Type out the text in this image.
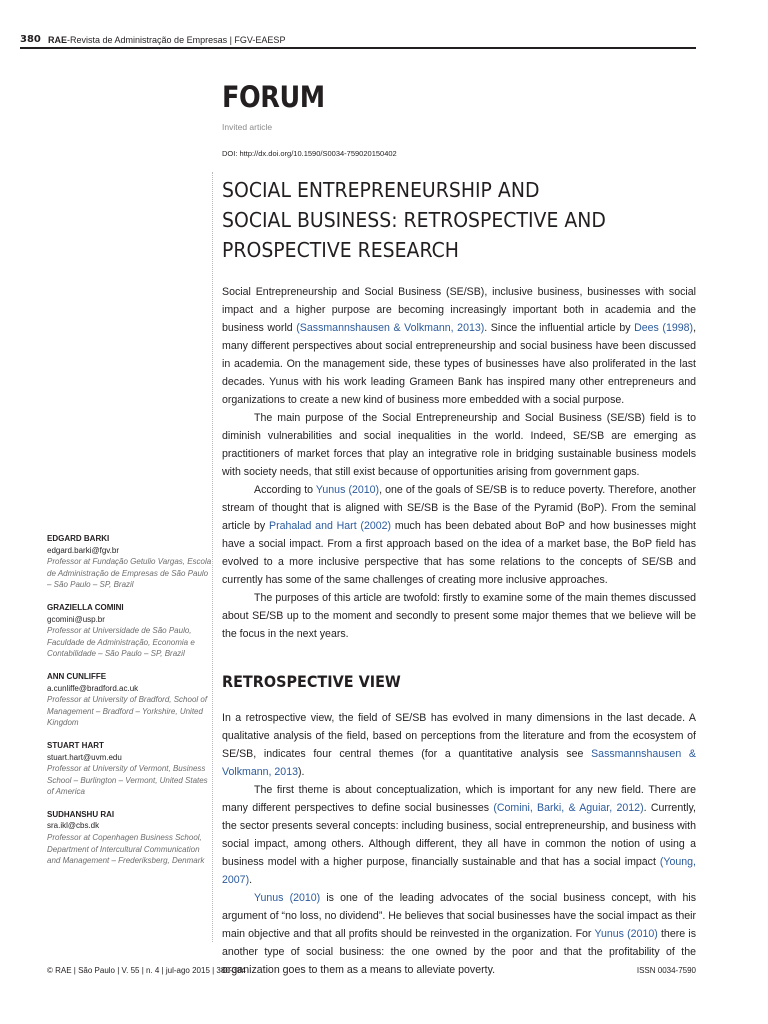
380 RAE-Revista de Administração de Empresas | FGV-EAESP
FORUM
Invited article
DOI: http://dx.doi.org/10.1590/S0034-759020150402
SOCIAL ENTREPRENEURSHIP AND
SOCIAL BUSINESS: RETROSPECTIVE AND
PROSPECTIVE RESEARCH

Social Entrepreneurship and Social Business (SE/SB), inclusive business, businesses with social impact and a higher purpose are becoming increasingly important both in academia and the business world (Sassmannshausen & Volkmann, 2013). Since the influential article by Dees (1998), many different perspectives about social entrepreneurship and social business have been discussed in academia. On the management side, these types of businesses have also proliferated in the last decades. Yunus with his work leading Grameen Bank has inspired many other entrepreneurs and organizations to create a new kind of business more embedded with a social purpose.

The main purpose of the Social Entrepreneurship and Social Business (SE/SB) field is to diminish vulnerabilities and social inequalities in the world. Indeed, SE/SB are emerging as practitioners of market forces that play an integrative role in bridging sustainable business models with society needs, that still exist because of opportunities arising from government gaps.

According to Yunus (2010), one of the goals of SE/SB is to reduce poverty. Therefore, another stream of thought that is aligned with SE/SB is the Base of the Pyramid (BoP). From the seminal article by Prahalad and Hart (2002) much has been debated about BoP and how businesses might have a social impact. From a first approach based on the idea of a market base, the BoP field has evolved to a more inclusive perspective that has some relations to the concepts of SE/SB and currently has some of the same challenges of creating more inclusive approaches.

The purposes of this article are twofold: firstly to examine some of the main themes discussed about SE/SB up to the moment and secondly to present some major themes that we believe will be the focus in the next years.

RETROSPECTIVE VIEW

In a retrospective view, the field of SE/SB has evolved in many dimensions in the last decade. A qualitative analysis of the field, based on perceptions from the literature and from the ecosystem of SE/SB, indicates four central themes (for a quantitative analysis see Sassmannshausen & Volkmann, 2013).

The first theme is about conceptualization, which is important for any new field. There are many different perspectives to define social businesses (Comini, Barki, & Aguiar, 2012). Currently, the sector presents several concepts: including business, social entrepreneurship, and business with social impact, among others. Although different, they all have in common the notion of using a business model with a higher purpose, financially sustainable and that has a social impact (Young, 2007).

Yunus (2010) is one of the leading advocates of the social business concept, with his argument of “no loss, no dividend”. He believes that social businesses have the social impact as their main objective and that all profits should be reinvested in the organization. For Yunus (2010) there is another type of social business: the one owned by the poor and that the profitability of the organization goes to them as a means to alleviate poverty.

EDGARD BARKI
edgard.barki@fgv.br
Professor at Fundação Getulio Vargas, Escola de Administração de Empresas de São Paulo – São Paulo – SP, Brazil
GRAZIELLA COMINI
gcomini@usp.br
Professor at Universidade de São Paulo, Faculdade de Administração, Economia e Contabilidade – São Paulo – SP, Brazil
ANN CUNLIFFE
a.cunliffe@bradford.ac.uk
Professor at University of Bradford, School of Management – Bradford – Yorkshire, United Kingdom
STUART HART
stuart.hart@uvm.edu
Professor at University of Vermont, Business School – Burlington – Vermont, United States of America
SUDHANSHU RAI
sra.ikl@cbs.dk
Professor at Copenhagen Business School, Department of Intercultural Communication and Management – Frederiksberg, Denmark
© RAE | São Paulo | V. 55 | n. 4 | jul-ago 2015 | 380-384	ISSN 0034-7590
